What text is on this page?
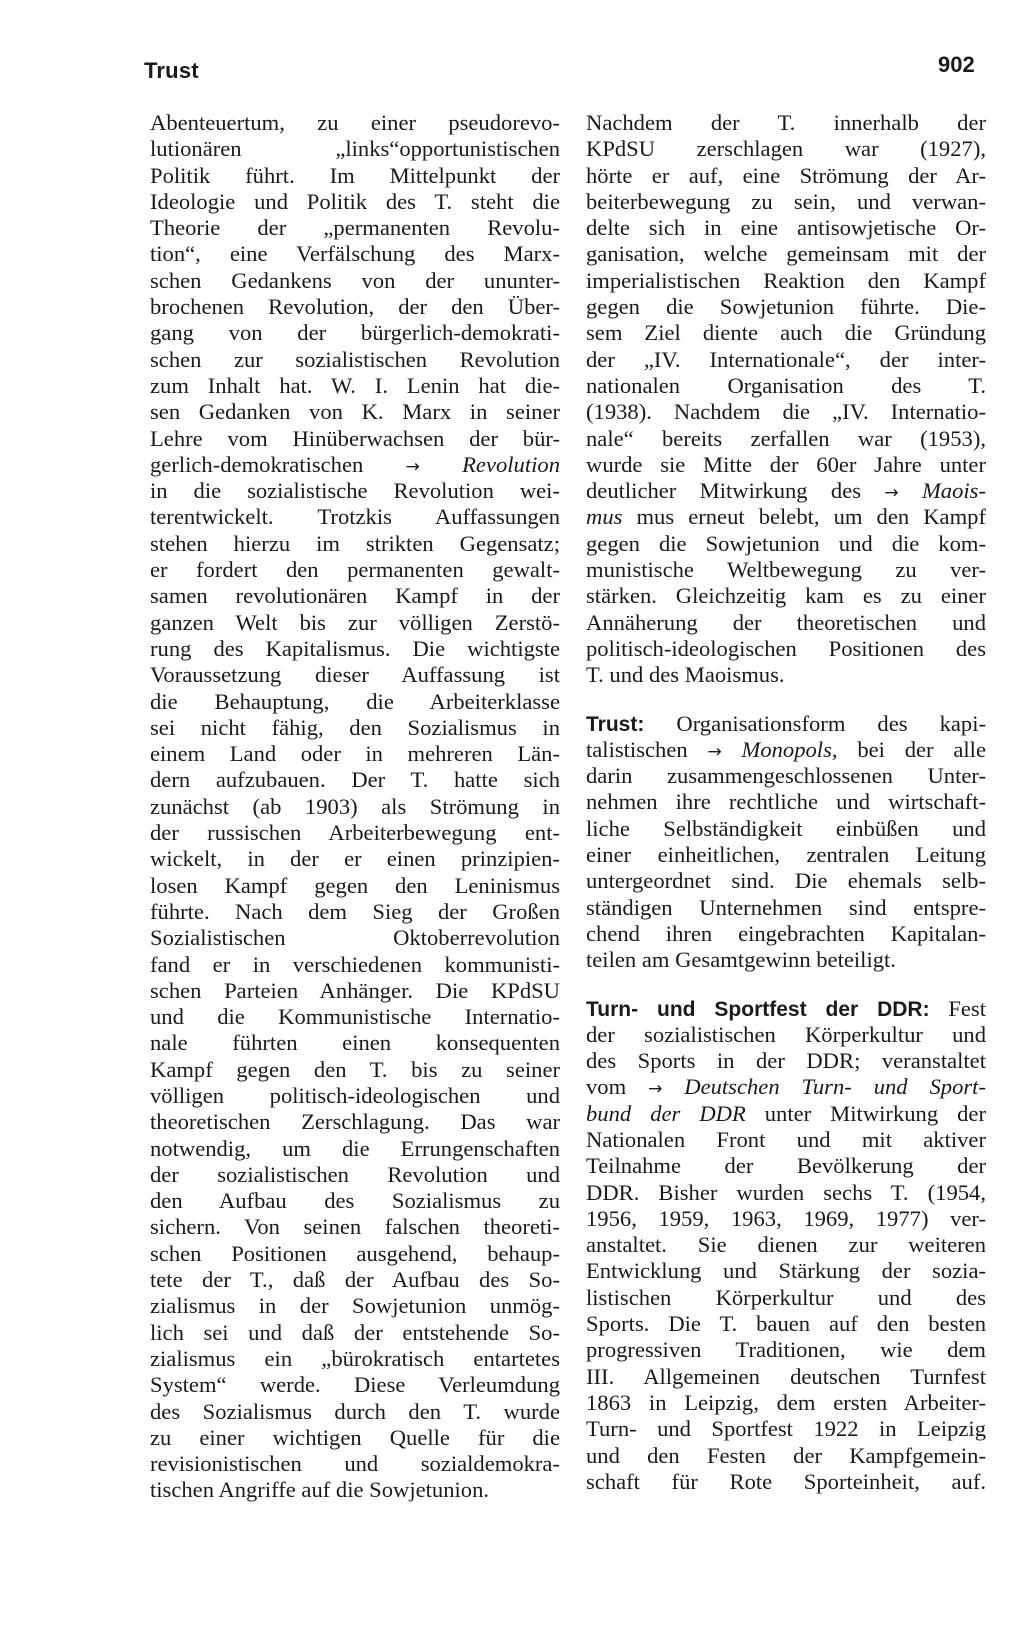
Trust	902
Abenteuertum, zu einer pseudorevo-
lutionären „links“opportunistischen
Politik führt. Im Mittelpunkt der
Ideologie und Politik des T. steht die
Theorie der „permanenten Revolu-
tion“, eine Verfälschung des Marx-
schen Gedankens von der ununter-
brochenen Revolution, der den Über-
gang von der bürgerlich-demokrati-
schen zur sozialistischen Revolution
zum Inhalt hat. W. I. Lenin hat die-
sen Gedanken von K. Marx in seiner
Lehre vom Hinüberwachsen der bür-
gerlich-demokratischen → Revolution
in die sozialistische Revolution wei-
terentwickelt. Trotzkis Auffassungen
stehen hierzu im strikten Gegensatz;
er fordert den permanenten gewalt-
samen revolutionären Kampf in der
ganzen Welt bis zur völligen Zerstö-
rung des Kapitalismus. Die wichtigste
Voraussetzung dieser Auffassung ist
die Behauptung, die Arbeiterklasse
sei nicht fähig, den Sozialismus in
einem Land oder in mehreren Län-
dern aufzubauen. Der T. hatte sich
zunächst (ab 1903) als Strömung in
der russischen Arbeiterbewegung ent-
wickelt, in der er einen prinzipien-
losen Kampf gegen den Leninismus
führte. Nach dem Sieg der Großen
Sozialistischen Oktoberrevolution
fand er in verschiedenen kommunisti-
schen Parteien Anhänger. Die KPdSU
und die Kommunistische Internatio-
nale führten einen konsequenten
Kampf gegen den T. bis zu seiner
völligen politisch-ideologischen und
theoretischen Zerschlagung. Das war
notwendig, um die Errungenschaften
der sozialistischen Revolution und
den Aufbau des Sozialismus zu
sichern. Von seinen falschen theoreti-
schen Positionen ausgehend, behaup-
tete der T., daß der Aufbau des So-
zialismus in der Sowjetunion unmög-
lich sei und daß der entstehende So-
zialismus ein „bürokratisch entartetes
System“ werde. Diese Verleumdung
des Sozialismus durch den T. wurde
zu einer wichtigen Quelle für die
revisionistischen und sozialdemokra-
tischen Angriffe auf die Sowjetunion.
Nachdem der T. innerhalb der
KPdSU zerschlagen war (1927),
hörte er auf, eine Strömung der Ar-
beiterbewegung zu sein, und verwan-
delte sich in eine antisowjetische Or-
ganisation, welche gemeinsam mit der
imperialistischen Reaktion den Kampf
gegen die Sowjetunion führte. Die-
sem Ziel diente auch die Gründung
der „IV. Internationale“, der inter-
nationalen Organisation des T.
(1938). Nachdem die „IV. Internatio-
nale“ bereits zerfallen war (1953),
wurde sie Mitte der 60er Jahre unter
deutlicher Mitwirkung des → Maois-
mus mus erneut belebt, um den Kampf
gegen die Sowjetunion und die kom-
munistische Weltbewegung zu ver-
stärken. Gleichzeitig kam es zu einer
Annäherung der theoretischen und
politisch-ideologischen Positionen des
T. und des Maoismus.
Trust: Organisationsform des kapi-
talistischen → Monopols, bei der alle
darin zusammengeschlossenen Unter-
nehmen ihre rechtliche und wirtschaft-
liche Selbständigkeit einbüßen und
einer einheitlichen, zentralen Leitung
untergeordnet sind. Die ehemals selb-
ständigen Unternehmen sind entspre-
chend ihren eingebrachten Kapitalan-
teilen am Gesamtgewinn beteiligt.
Turn- und Sportfest der DDR: Fest
der sozialistischen Körperkultur und
des Sports in der DDR; veranstaltet
vom → Deutschen Turn- und Sport-
bund der DDR unter Mitwirkung der
Nationalen Front und mit aktiver
Teilnahme der Bevölkerung der
DDR. Bisher wurden sechs T. (1954,
1956, 1959, 1963, 1969, 1977) ver-
anstaltet. Sie dienen zur weiteren
Entwicklung und Stärkung der sozia-
listischen Körperkultur und des
Sports. Die T. bauen auf den besten
progressiven Traditionen, wie dem
III. Allgemeinen deutschen Turnfest
1863 in Leipzig, dem ersten Arbeiter-
Turn- und Sportfest 1922 in Leipzig
und den Festen der Kampfgemein-
schaft für Rote Sporteinheit, auf.
